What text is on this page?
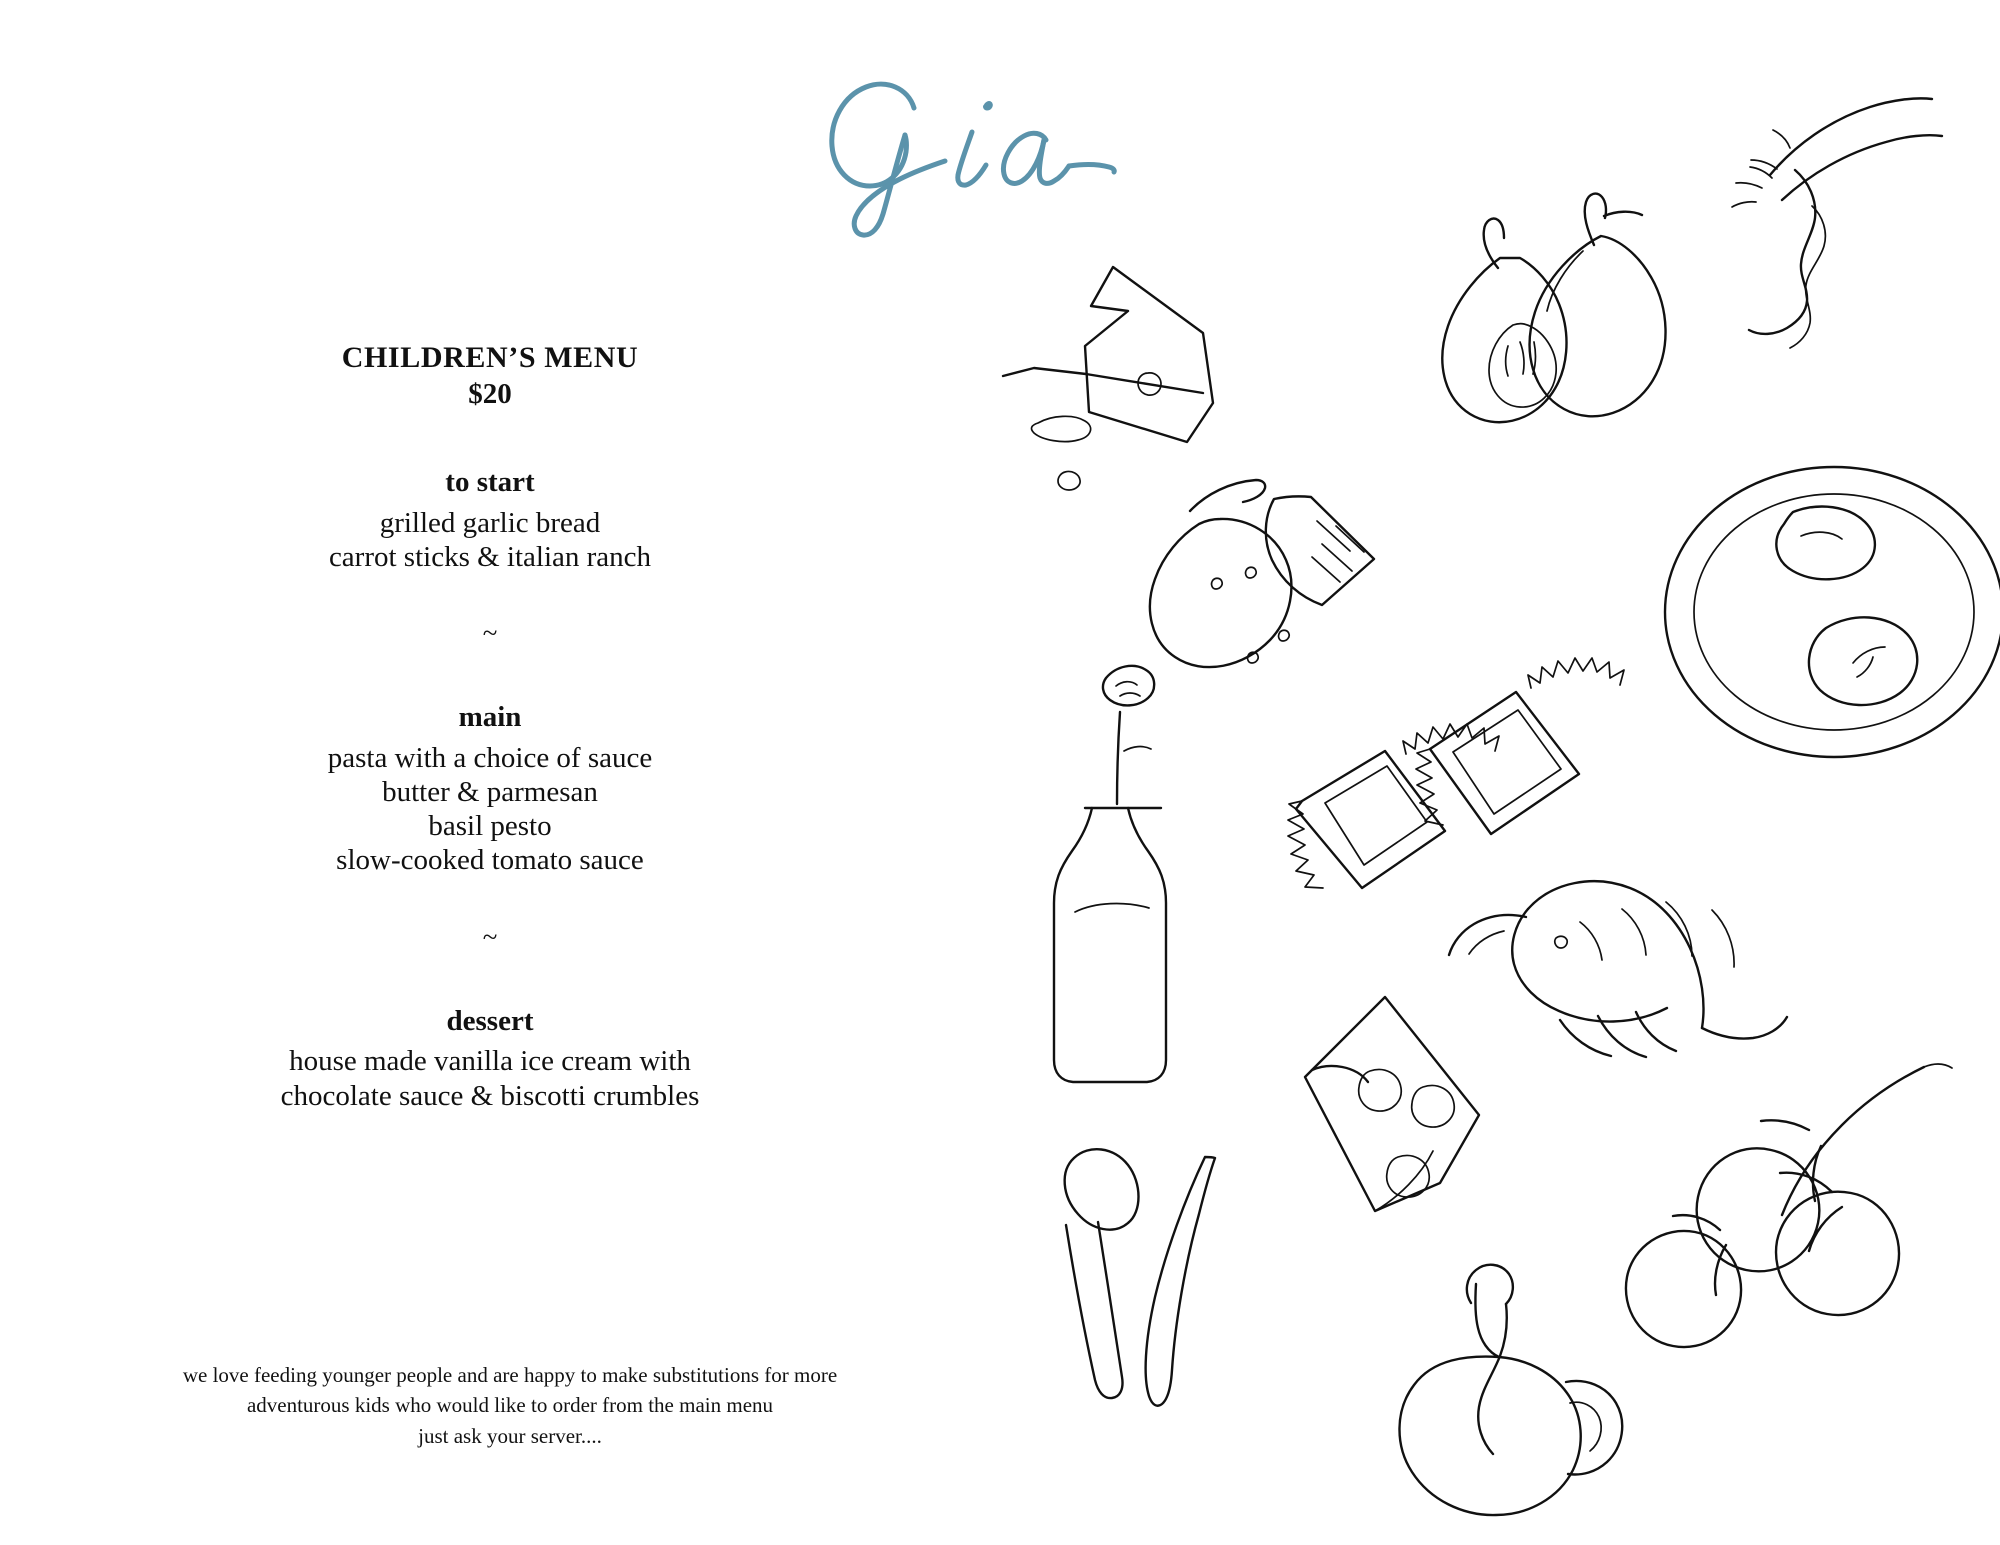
CHILDREN’S MENU
$20
to start
grilled garlic bread
carrot sticks & italian ranch
~
main
pasta with a choice of sauce
butter & parmesan
basil pesto
slow-cooked tomato sauce
~
dessert
house made vanilla ice cream with
chocolate sauce & biscotti crumbles
we love feeding younger people and are happy to make substitutions for more
adventurous kids who would like to order from the main menu
just ask your server....
